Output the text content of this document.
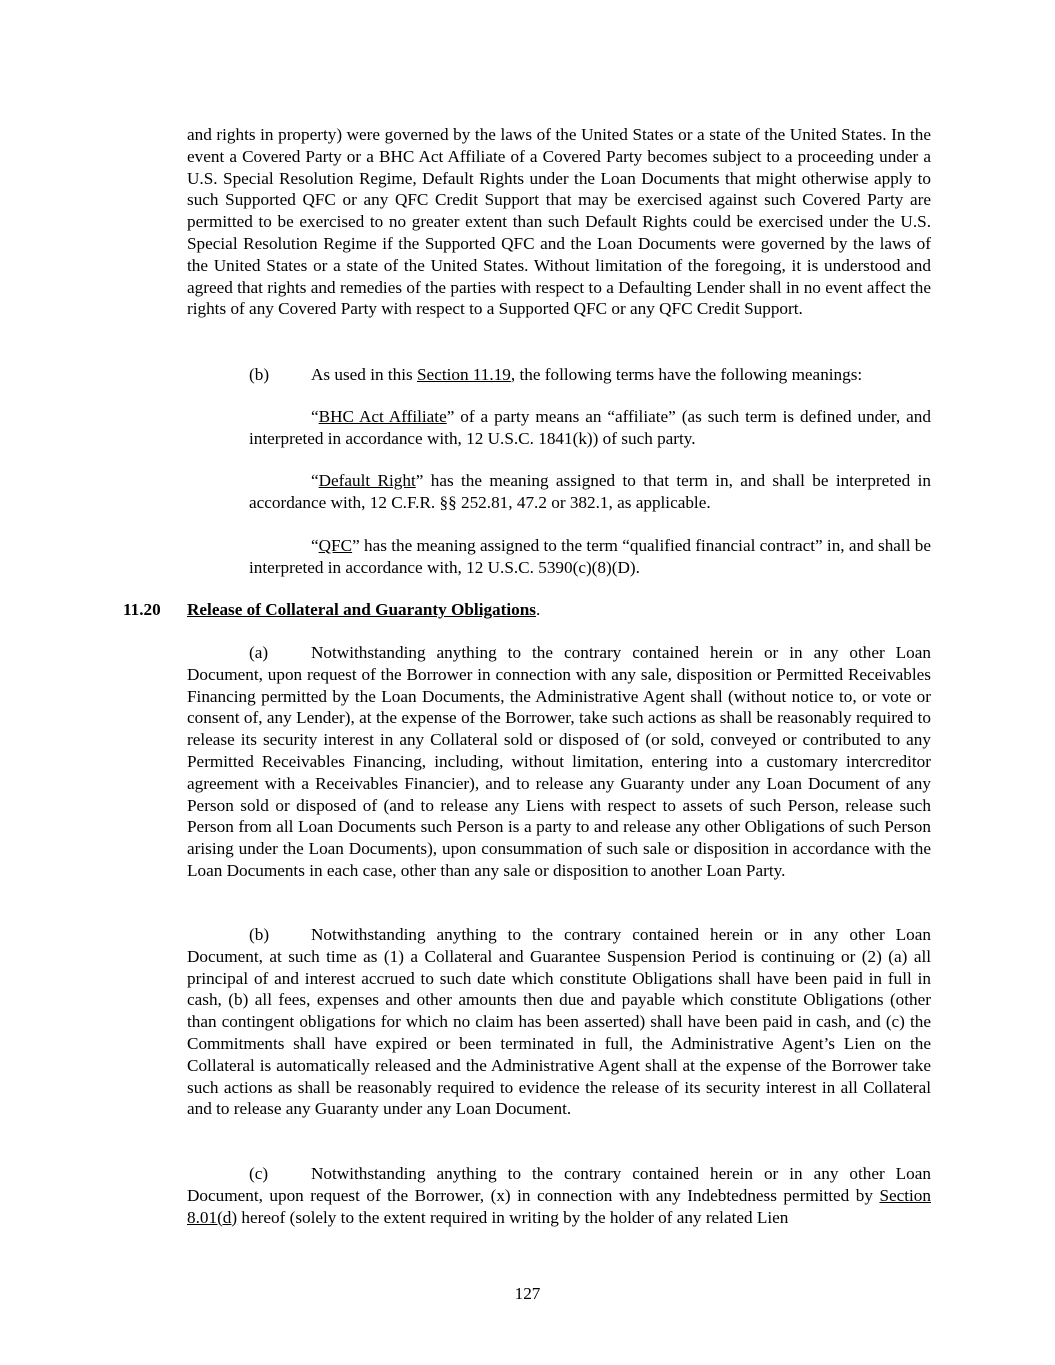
and rights in property) were governed by the laws of the United States or a state of the United States. In the event a Covered Party or a BHC Act Affiliate of a Covered Party becomes subject to a proceeding under a U.S. Special Resolution Regime, Default Rights under the Loan Documents that might otherwise apply to such Supported QFC or any QFC Credit Support that may be exercised against such Covered Party are permitted to be exercised to no greater extent than such Default Rights could be exercised under the U.S. Special Resolution Regime if the Supported QFC and the Loan Documents were governed by the laws of the United States or a state of the United States. Without limitation of the foregoing, it is understood and agreed that rights and remedies of the parties with respect to a Defaulting Lender shall in no event affect the rights of any Covered Party with respect to a Supported QFC or any QFC Credit Support.

(b) As used in this Section 11.19, the following terms have the following meanings:

“BHC Act Affiliate” of a party means an “affiliate” (as such term is defined under, and interpreted in accordance with, 12 U.S.C. 1841(k)) of such party.

“Default Right” has the meaning assigned to that term in, and shall be interpreted in accordance with, 12 C.F.R. §§ 252.81, 47.2 or 382.1, as applicable.

“QFC” has the meaning assigned to the term “qualified financial contract” in, and shall be interpreted in accordance with, 12 U.S.C. 5390(c)(8)(D).

11.20 Release of Collateral and Guaranty Obligations.

(a) Notwithstanding anything to the contrary contained herein or in any other Loan Document, upon request of the Borrower in connection with any sale, disposition or Permitted Receivables Financing permitted by the Loan Documents, the Administrative Agent shall (without notice to, or vote or consent of, any Lender), at the expense of the Borrower, take such actions as shall be reasonably required to release its security interest in any Collateral sold or disposed of (or sold, conveyed or contributed to any Permitted Receivables Financing, including, without limitation, entering into a customary intercreditor agreement with a Receivables Financier), and to release any Guaranty under any Loan Document of any Person sold or disposed of (and to release any Liens with respect to assets of such Person, release such Person from all Loan Documents such Person is a party to and release any other Obligations of such Person arising under the Loan Documents), upon consummation of such sale or disposition in accordance with the Loan Documents in each case, other than any sale or disposition to another Loan Party.

(b) Notwithstanding anything to the contrary contained herein or in any other Loan Document, at such time as (1) a Collateral and Guarantee Suspension Period is continuing or (2) (a) all principal of and interest accrued to such date which constitute Obligations shall have been paid in full in cash, (b) all fees, expenses and other amounts then due and payable which constitute Obligations (other than contingent obligations for which no claim has been asserted) shall have been paid in cash, and (c) the Commitments shall have expired or been terminated in full, the Administrative Agent’s Lien on the Collateral is automatically released and the Administrative Agent shall at the expense of the Borrower take such actions as shall be reasonably required to evidence the release of its security interest in all Collateral and to release any Guaranty under any Loan Document.

(c) Notwithstanding anything to the contrary contained herein or in any other Loan Document, upon request of the Borrower, (x) in connection with any Indebtedness permitted by Section 8.01(d) hereof (solely to the extent required in writing by the holder of any related Lien

127
